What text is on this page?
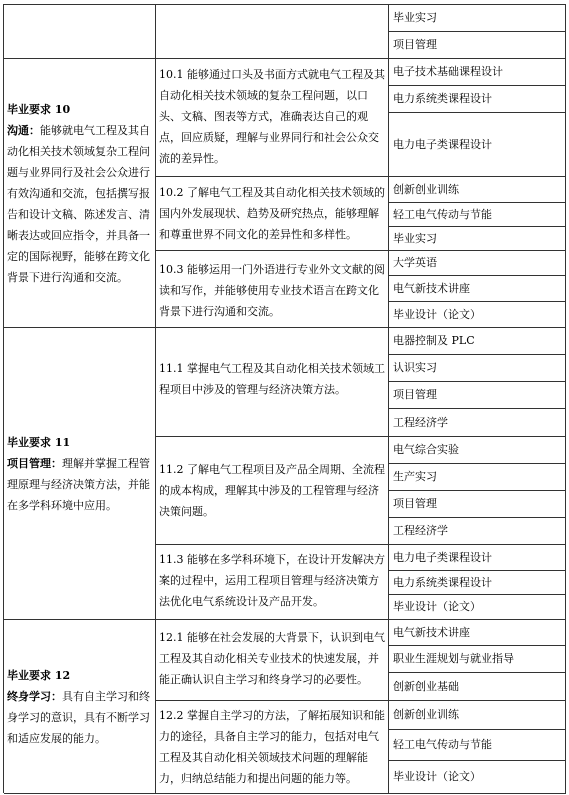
毕业实习
项目管理
毕业要求 10
沟通：能够就电气工程及其自动化相关技术领域复杂工程问题与业界同行及社会公众进行有效沟通和交流，包括撰写报告和设计文稿、陈述发言、清晰表达或回应指令，并具备一定的国际视野，能够在跨文化背景下进行沟通和交流。
10.1 能够通过口头及书面方式就电气工程及其自动化相关技术领域的复杂工程问题，以口头、文稿、图表等方式，准确表达自己的观点，回应质疑，理解与业界同行和社会公众交流的差异性。
电子技术基础课程设计
电力系统类课程设计
电力电子类课程设计
10.2 了解电气工程及其自动化相关技术领域的国内外发展现状、趋势及研究热点，能够理解和尊重世界不同文化的差异性和多样性。
创新创业训练
轻工电气传动与节能
毕业实习
10.3 能够运用一门外语进行专业外文文献的阅读和写作，并能够使用专业技术语言在跨文化背景下进行沟通和交流。
大学英语
电气新技术讲座
毕业设计（论文）
毕业要求 11
项目管理：理解并掌握工程管理原理与经济决策方法，并能在多学科环境中应用。
11.1 掌握电气工程及其自动化相关技术领域工程项目中涉及的管理与经济决策方法。
电器控制及 PLC
认识实习
项目管理
工程经济学
11.2 了解电气工程项目及产品全周期、全流程的成本构成，理解其中涉及的工程管理与经济决策问题。
电气综合实验
生产实习
项目管理
工程经济学
11.3 能够在多学科环境下，在设计开发解决方案的过程中，运用工程项目管理与经济决策方法优化电气系统设计及产品开发。
电力电子类课程设计
电力系统类课程设计
毕业设计（论文）
毕业要求 12
终身学习：具有自主学习和终身学习的意识，具有不断学习和适应发展的能力。
12.1 能够在社会发展的大背景下，认识到电气工程及其自动化相关专业技术的快速发展，并能正确认识自主学习和终身学习的必要性。
电气新技术讲座
职业生涯规划与就业指导
创新创业基础
12.2 掌握自主学习的方法，了解拓展知识和能力的途径，具备自主学习的能力，包括对电气工程及其自动化相关领域技术问题的理解能力，归纳总结能力和提出问题的能力等。
创新创业训练
轻工电气传动与节能
毕业设计（论文）
